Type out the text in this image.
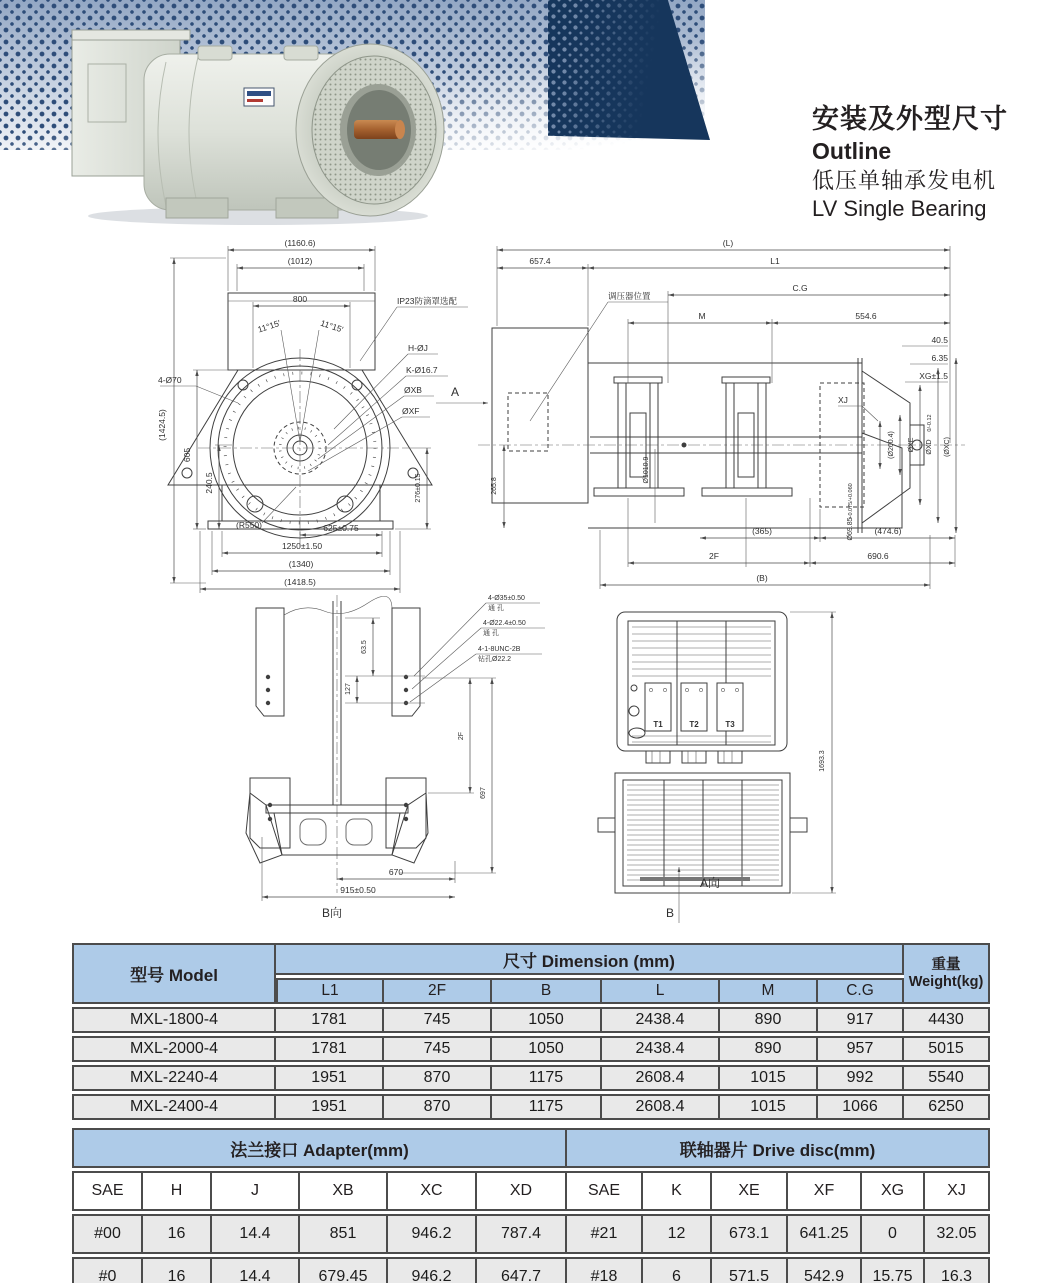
安装及外型尺寸
Outline
低压单轴承发电机
LV Single Bearing
(1160.6)
(1012)
800
11°15′	11°15′
IP23防滴罩选配
H-ØJ
K-Ø16.7
ØXB
ØXF
4-Ø70
(1424.5)
605
240.5	276±0.15
(R550)	625±0.75
1250±1.50
(1340)
(1418.5)
(L)
657.4	L1
C.G
M	554.6
40.5
6.35
XG±1.5
调压器位置
A
265.8
Ø1010.9
XJ
(Ø260.4) ØXE ØXD
0/-0.12
(ØXC)
Ø69.85
+0.075/+0.060
(365)	(474.6)
2F	690.6
(B)
4-Ø35±0.50
通 孔
4-Ø22.4±0.50
通 孔
4-1-8UNC-2B
钻孔Ø22.2
63.5
127
2F
697
670
915±0.50
B向
T1	T2	T3
1693.3
A向
B
型号 Model	尺寸 Dimension (mm)						重量
Weight(kg)
	L1	2F	B	L	M	C.G	
MXL-1800-4	1781	745	1050	2438.4	890	917	4430
MXL-2000-4	1781	745	1050	2438.4	890	957	5015
MXL-2240-4	1951	870	1175	2608.4	1015	992	5540
MXL-2400-4	1951	870	1175	2608.4	1015	1066	6250
法兰接口 Adapter(mm)						联轴器片 Drive disc(mm)					
SAE	H	J	XB	XC	XD	SAE	K	XE	XF	XG	XJ
#00	16	14.4	851	946.2	787.4	#21	12	673.1	641.25	0	32.05
#0	16	14.4	679.45	946.2	647.7	#18	6	571.5	542.9	15.75	16.3
